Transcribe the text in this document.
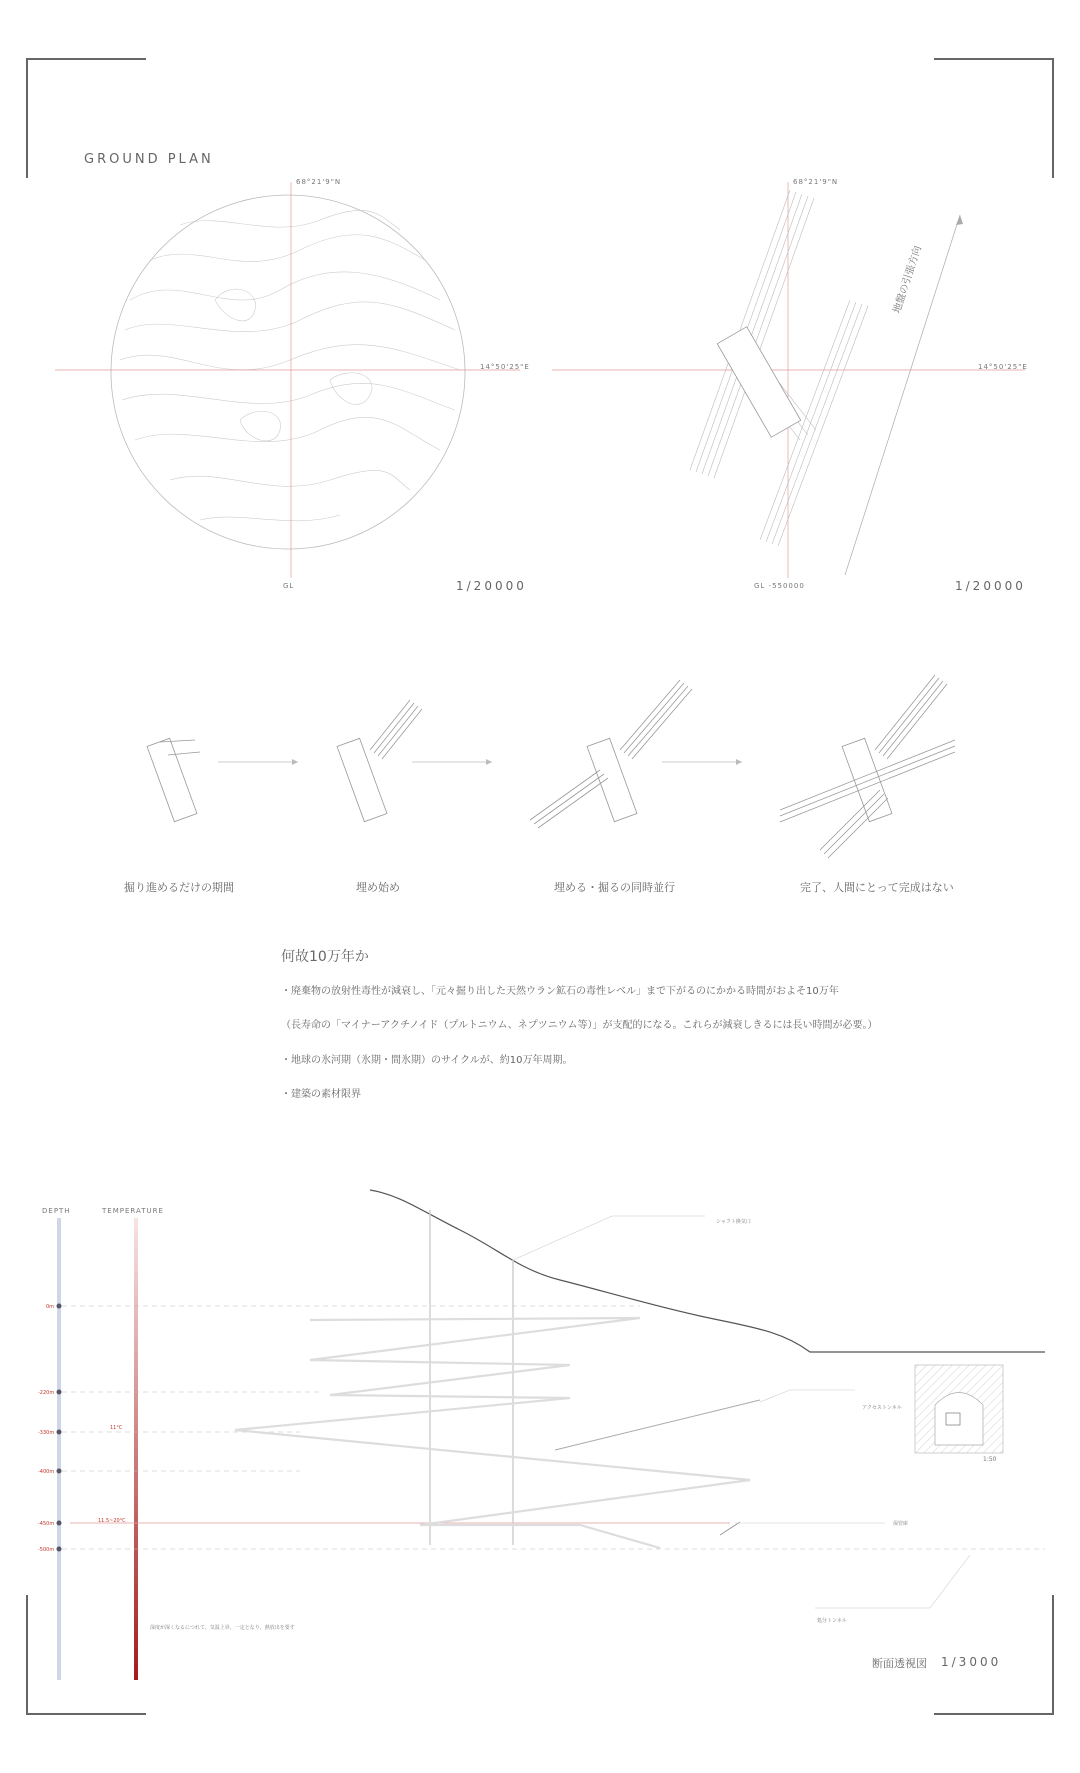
GROUND PLAN
68°21'9"N
14°50'25"E
GL	1/20000
68°21'9"N
14°50'25"E
GL -550000	1/20000
地盤の引張方向
掘り進めるだけの期間	埋め始め	埋める・掘るの同時並行	完了、人間にとって完成はない
何故10万年か
・廃棄物の放射性毒性が減衰し、「元々掘り出した天然ウラン鉱石の毒性レベル」まで下がるのにかかる時間がおよそ10万年
（長寿命の「マイナーアクチノイド（プルトニウム、ネプツニウム等）」が支配的になる。これらが減衰しきるには長い時間が必要。）
・地球の氷河期（氷期・間氷期）のサイクルが、約10万年周期。
・建築の素材限界
DEPTH	TEMPERATURE
0m
-220m
-330m
-400m
-450m
-500m
11°C
11.5~20°C
深度が深くなるにつれて、気温上昇、一定となり、熱放出を要す
シャフト換気口
アクセストンネル
保管庫
処分トンネル
1:50
断面透視図 1/3000
